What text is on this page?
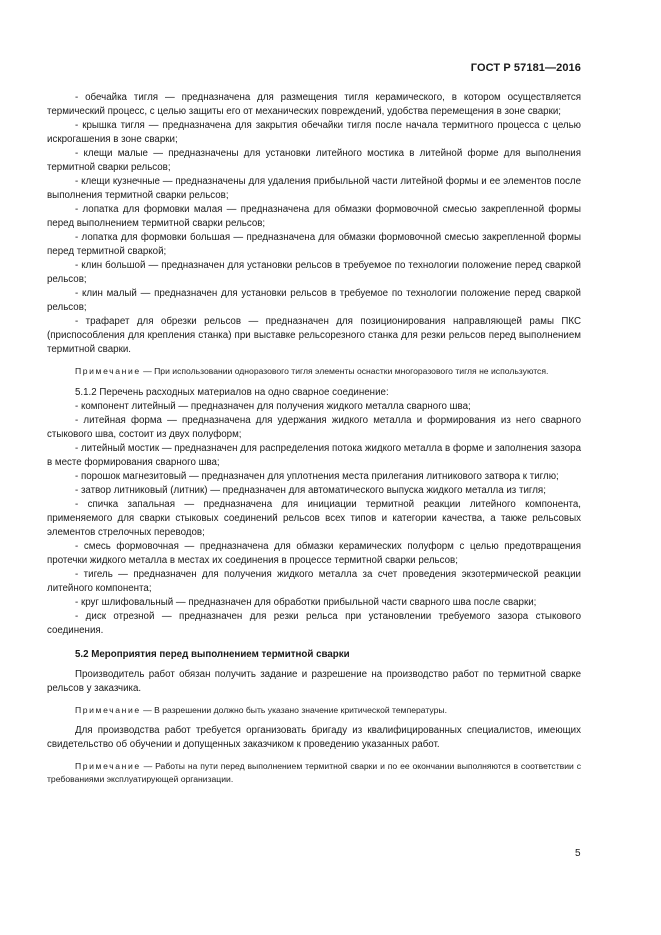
ГОСТ Р 57181—2016

- обечайка тигля — предназначена для размещения тигля керамического, в котором осуществляется термический процесс, с целью защиты его от механических повреждений, удобства перемещения в зоне сварки;

- крышка тигля — предназначена для закрытия обечайки тигля после начала термитного процесса с целью искрогашения в зоне сварки;

- клещи малые — предназначены для установки литейного мостика в литейной форме для выполнения термитной сварки рельсов;

- клещи кузнечные — предназначены для удаления прибыльной части литейной формы и ее элементов после выполнения термитной сварки рельсов;

- лопатка для формовки малая — предназначена для обмазки формовочной смесью закрепленной формы перед выполнением термитной сварки рельсов;

- лопатка для формовки большая — предназначена для обмазки формовочной смесью закрепленной формы перед термитной сваркой;

- клин большой — предназначен для установки рельсов в требуемое по технологии положение перед сваркой рельсов;

- клин малый — предназначен для установки рельсов в требуемое по технологии положение перед сваркой рельсов;

- трафарет для обрезки рельсов — предназначен для позиционирования направляющей рамы ПКС (приспособления для крепления станка) при выставке рельсорезного станка для резки рельсов перед выполнением термитной сварки.

Примечание — При использовании одноразового тигля элементы оснастки многоразового тигля не используются.

5.1.2 Перечень расходных материалов на одно сварное соединение:

- компонент литейный — предназначен для получения жидкого металла сварного шва;

- литейная форма — предназначена для удержания жидкого металла и формирования из него сварного стыкового шва, состоит из двух полуформ;

- литейный мостик — предназначен для распределения потока жидкого металла в форме и заполнения зазора в месте формирования сварного шва;

- порошок магнезитовый — предназначен для уплотнения места прилегания литникового затвора к тиглю;

- затвор литниковый (литник) — предназначен для автоматического выпуска жидкого металла из тигля;

- спичка запальная — предназначена для инициации термитной реакции литейного компонента, применяемого для сварки стыковых соединений рельсов всех типов и категории качества, а также рельсовых элементов стрелочных переводов;

- смесь формовочная — предназначена для обмазки керамических полуформ с целью предотвращения протечки жидкого металла в местах их соединения в процессе термитной сварки рельсов;

- тигель — предназначен для получения жидкого металла за счет проведения экзотермической реакции литейного компонента;

- круг шлифовальный — предназначен для обработки прибыльной части сварного шва после сварки;

- диск отрезной — предназначен для резки рельса при установлении требуемого зазора стыкового соединения.

5.2 Мероприятия перед выполнением термитной сварки

Производитель работ обязан получить задание и разрешение на производство работ по термитной сварке рельсов у заказчика.

Примечание — В разрешении должно быть указано значение критической температуры.

Для производства работ требуется организовать бригаду из квалифицированных специалистов, имеющих свидетельство об обучении и допущенных заказчиком к проведению указанных работ.

Примечание — Работы на пути перед выполнением термитной сварки и по ее окончании выполняются в соответствии с требованиями эксплуатирующей организации.

5
